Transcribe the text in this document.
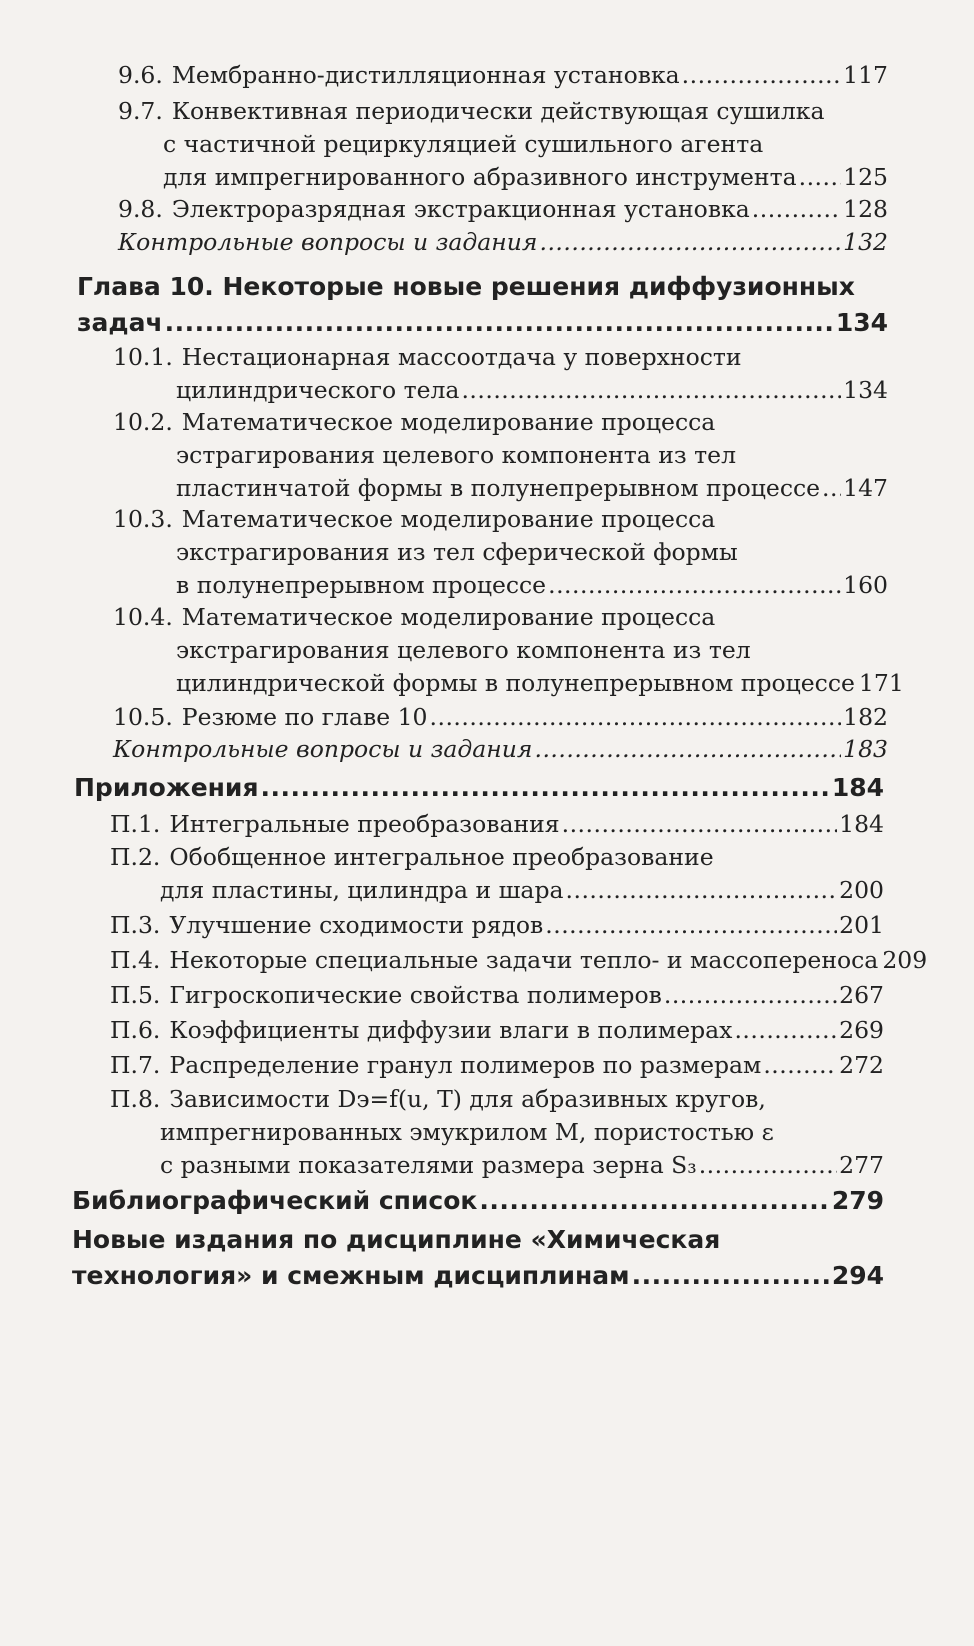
9.6. Мембранно-дистилляционная установка .....	117
9.7. Конвективная периодически действующая сушилка
с частичной рециркуляцией сушильного агента
для импрегнированного абразивного инструмента ..... 125
9.8. Электроразрядная экстракционная установка .....	128
Контрольные вопросы и задания .....	132
Глава 10. Некоторые новые решения диффузионных
задач .....	134
10.1. Нестационарная массоотдача у поверхности
цилиндрического тела .....	134
10.2. Математическое моделирование процесса
эстрагирования целевого компонента из тел
пластинчатой формы в полунепрерывном процессе ..... 147
10.3. Математическое моделирование процесса
экстрагирования из тел сферической формы
в полунепрерывном процессе .....	160
10.4. Математическое моделирование процесса
экстрагирования целевого компонента из тел
цилиндрической формы в полунепрерывном процессе 171
10.5. Резюме по главе 10 .....	182
Контрольные вопросы и задания .....	183
Приложения .....	184
П.1. Интегральные преобразования .....	184
П.2. Обобщенное интегральное преобразование
для пластины, цилиндра и шара .....	200
П.3. Улучшение сходимости рядов .....	201
П.4. Некоторые специальные задачи тепло- и массопереноса 209
П.5. Гигроскопические свойства полимеров .....	267
П.6. Коэффициенты диффузии влаги в полимерах .....	269
П.7. Распределение гранул полимеров по размерам .....	272
П.8. Зависимости Dэ=f(u, T) для абразивных кругов,
импрегнированных эмукрилом М, пористостью ε
с разными показателями размера зерна S₃ .....	277
Библиографический список .....	279
Новые издания по дисциплине «Химическая
технология» и смежным дисциплинам .....	294
